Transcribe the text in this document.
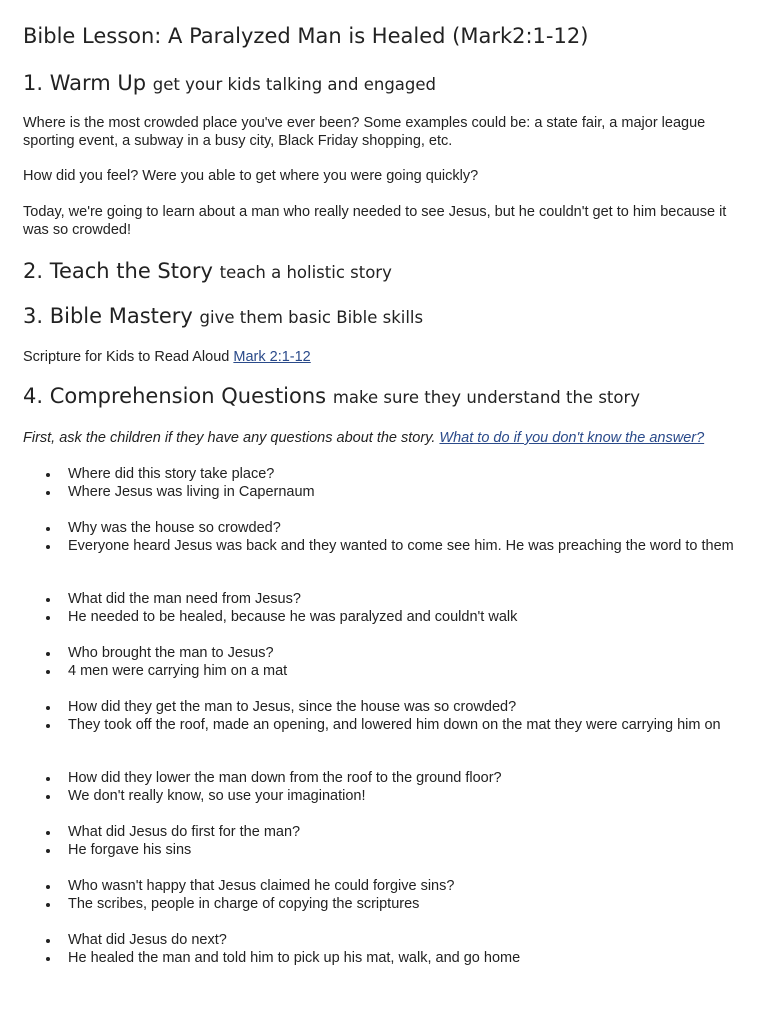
Bible Lesson: A Paralyzed Man is Healed (Mark2:1-12)
1. Warm Up get your kids talking and engaged

Where is the most crowded place you've ever been? Some examples could be: a state fair, a major league sporting event, a subway in a busy city, Black Friday shopping, etc.

How did you feel? Were you able to get where you were going quickly?

Today, we're going to learn about a man who really needed to see Jesus, but he couldn't get to him because it was so crowded!

2. Teach the Story teach a holistic story
3. Bible Mastery give them basic Bible skills

Scripture for Kids to Read Aloud Mark 2:1-12

4. Comprehension Questions make sure they understand the story

First, ask the children if they have any questions about the story. What to do if you don't know the answer?

Where did this story take place?
Where Jesus was living in Capernaum
Why was the house so crowded?
Everyone heard Jesus was back and they wanted to come see him. He was preaching the word to them
What did the man need from Jesus?
He needed to be healed, because he was paralyzed and couldn't walk
Who brought the man to Jesus?
4 men were carrying him on a mat
How did they get the man to Jesus, since the house was so crowded?
They took off the roof, made an opening, and lowered him down on the mat they were carrying him on
How did they lower the man down from the roof to the ground floor?
We don't really know, so use your imagination!
What did Jesus do first for the man?
He forgave his sins
Who wasn't happy that Jesus claimed he could forgive sins?
The scribes, people in charge of copying the scriptures
What did Jesus do next?
He healed the man and told him to pick up his mat, walk, and go home
